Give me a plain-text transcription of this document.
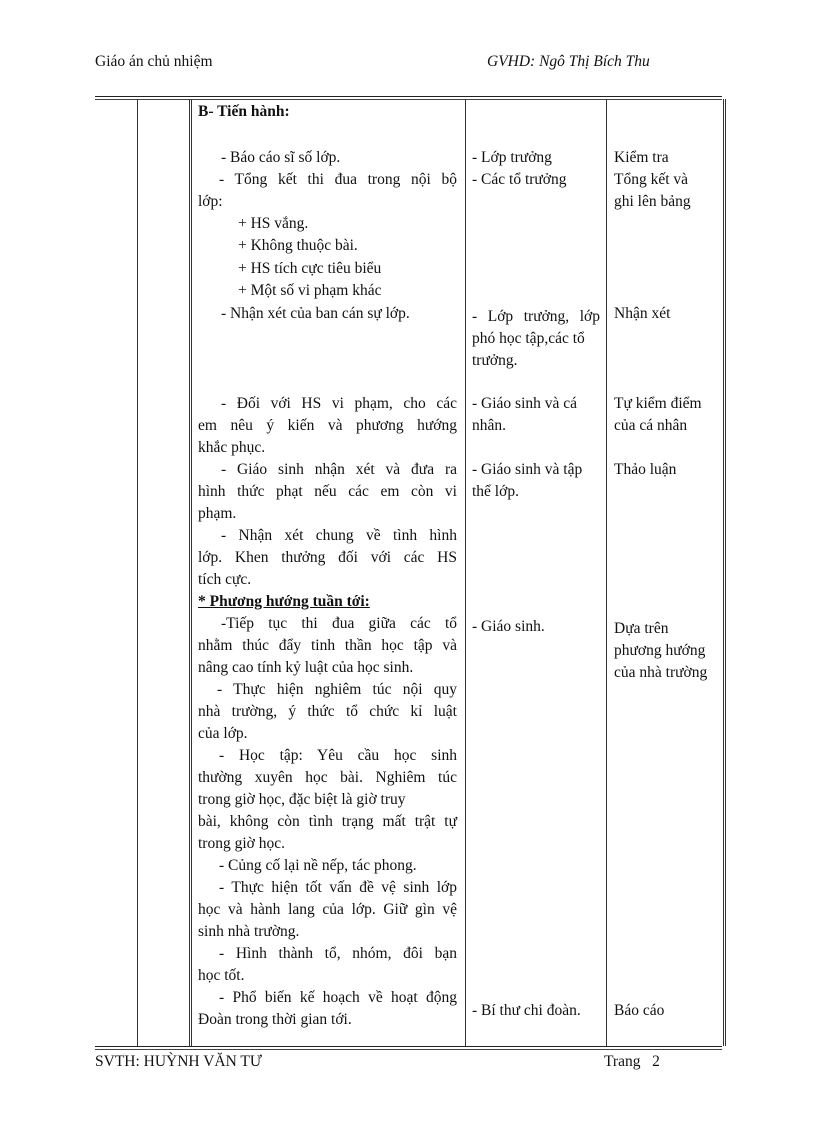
Giáo án chủ nhiệm	GVHD: Ngô Thị Bích Thu
B- Tiến hành:
- Báo cáo sĩ số lớp.
- Tổng kết thi đua trong nội bộ
lớp:
+ HS vắng.
+ Không thuộc bài.
+ HS tích cực tiêu biểu
+ Một số vi phạm khác
- Nhận xét của ban cán sự lớp.
- Đối với HS vi phạm, cho các
em nêu ý kiến và phương hướng
khắc phục.
- Giáo sinh nhận xét và đưa ra
hình thức phạt nếu các em còn vi
phạm.
- Nhận xét chung về tình hình
lớp. Khen thưởng đối với các HS
tích cực.
* Phương hướng tuần tới:
-Tiếp tục thi đua giữa các tổ
nhằm thúc đẩy tinh thần học tập và
nâng cao tính kỷ luật của học sinh.
- Thực hiện nghiêm túc nội quy
nhà trường, ý thức tổ chức kỉ luật
của lớp.
- Học tập: Yêu cầu học sinh
thường xuyên học bài. Nghiêm túc
trong giờ học, đặc biệt là giờ truy
bài, không còn tình trạng mất trật tự
trong giờ học.
- Củng cố lại nề nếp, tác phong.
- Thực hiện tốt vấn đề vệ sinh lớp
học và hành lang của lớp. Giữ gìn vệ
sinh nhà trường.
- Hình thành tổ, nhóm, đôi bạn
học tốt.
- Phổ biến kế hoạch về hoạt động
Đoàn trong thời gian tới.
- Lớp trưởng
- Các tổ trưởng
- Lớp trưởng, lớp
phó học tập,các tổ
trưởng.
- Giáo sinh và cá
nhân.
- Giáo sinh và tập
thể lớp.
- Giáo sinh.
- Bí thư chi đoàn.
Kiểm tra
Tổng kết và
ghi lên bảng
Nhận xét
Tự kiểm điểm
của cá nhân
Thảo luận
Dựa trên
phương hướng
của nhà trường
Báo cáo
SVTH: HUỲNH VĂN TƯ	Trang 2
